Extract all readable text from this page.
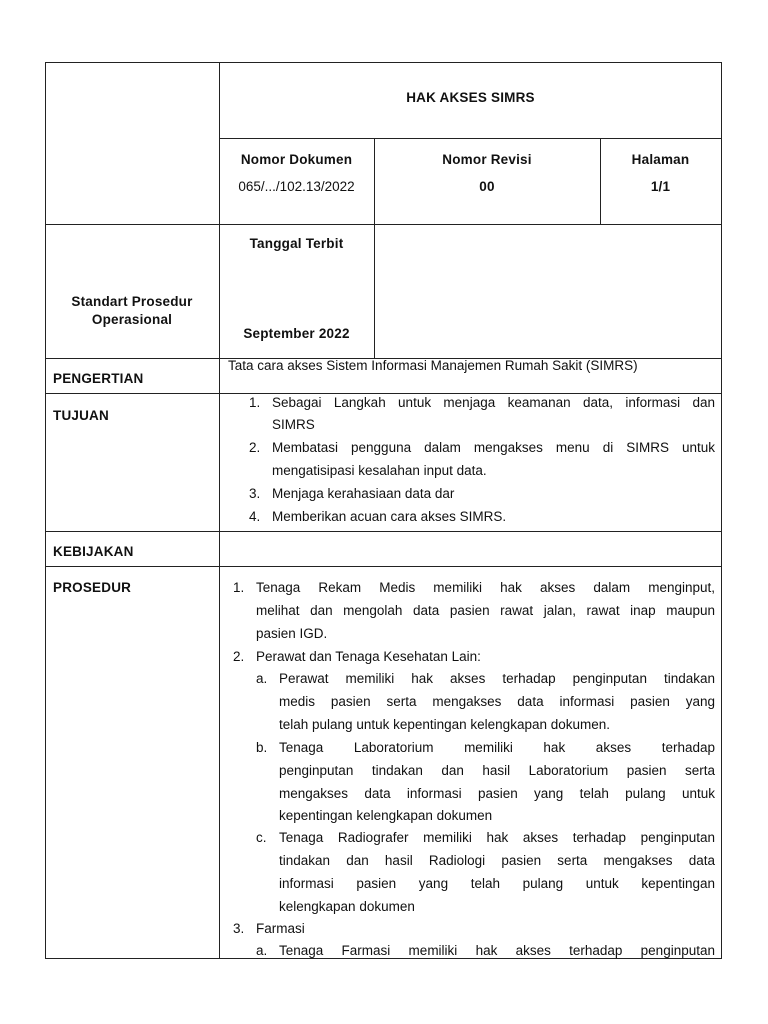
HAK AKSES SIMRS
Nomor Dokumen
065/.../102.13/2022
Nomor Revisi
00
Halaman
1/1
Standart Prosedur
Operasional
Tanggal Terbit
September 2022
PENGERTIAN
Tata cara akses Sistem Informasi Manajemen Rumah Sakit (SIMRS)
TUJUAN
1. Sebagai Langkah untuk menjaga keamanan data, informasi dan
SIMRS
2. Membatasi pengguna dalam mengakses menu di SIMRS untuk
mengatisipasi kesalahan input data.
3. Menjaga kerahasiaan data dar
4. Memberikan acuan cara akses SIMRS.
KEBIJAKAN
PROSEDUR	1. Tenaga Rekam Medis memiliki hak akses dalam menginput,
melihat dan mengolah data pasien rawat jalan, rawat inap maupun
pasien IGD.
2. Perawat dan Tenaga Kesehatan Lain:
a. Perawat memiliki hak akses terhadap penginputan tindakan
medis pasien serta mengakses data informasi pasien yang
telah pulang untuk kepentingan kelengkapan dokumen.
b. Tenaga Laboratorium memiliki hak akses terhadap
penginputan tindakan dan hasil Laboratorium pasien serta
mengakses data informasi pasien yang telah pulang untuk
kepentingan kelengkapan dokumen
c. Tenaga Radiografer memiliki hak akses terhadap penginputan
tindakan dan hasil Radiologi pasien serta mengakses data
informasi pasien yang telah pulang untuk kepentingan
kelengkapan dokumen
3. Farmasi
a. Tenaga Farmasi memiliki hak akses terhadap penginputan
